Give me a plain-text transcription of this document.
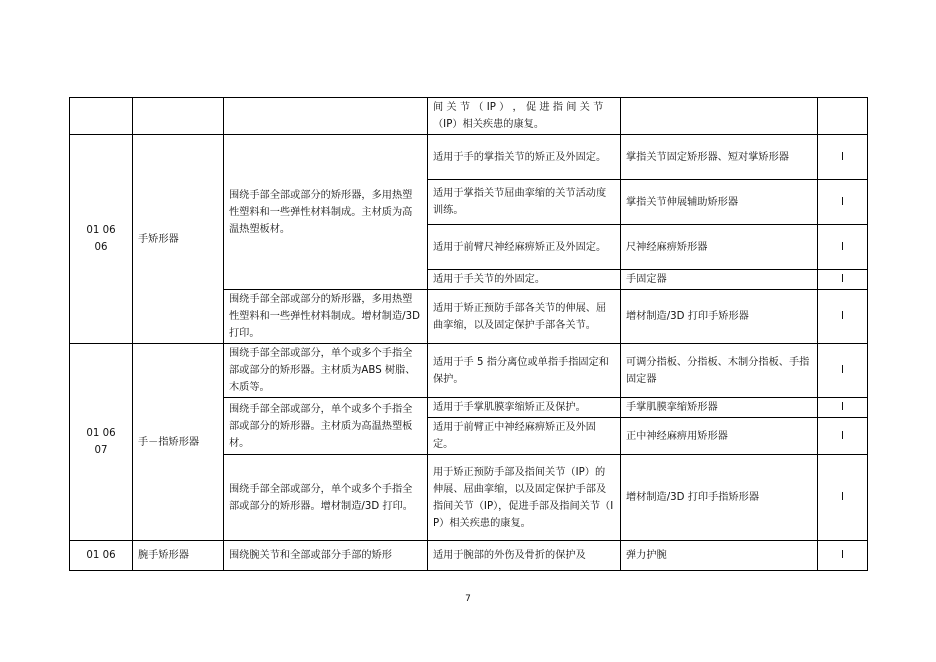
			间 关 节 （ IP ） ， 促 进 指 间 关 节
（IP）相关疾患的康复。		
01 06
06	手矫形器	围绕手部全部或部分的矫形器，多用热塑性塑料和一些弹性材料制成。主材质为高温热塑板材。	适用于手的掌指关节的矫正及外固定。	掌指关节固定矫形器、短对掌矫形器	I
			适用于掌指关节屈曲挛缩的关节活动度训练。	掌指关节伸展辅助矫形器	I
			适用于前臂尺神经麻痹矫正及外固定。	尺神经麻痹矫形器	I
			适用于手关节的外固定。	手固定器	I
		围绕手部全部或部分的矫形器，多用热塑性塑料和一些弹性材料制成。增材制造/3D 打印。	适用于矫正预防手部各关节的伸展、屈曲挛缩，以及固定保护手部各关节。	增材制造/3D 打印手矫形器	I
01 06
07	手－指矫形器	围绕手部全部或部分，单个或多个手指全部或部分的矫形器。主材质为ABS 树脂、木质等。	适用于手 5 指分离位或单指手指固定和保护。	可调分指板、分指板、木制分指板、手指固定器	I
		围绕手部全部或部分，单个或多个手指全部或部分的矫形器。主材质为高温热塑板材。	适用于手掌肌膜挛缩矫正及保护。	手掌肌膜挛缩矫形器	I
			适用于前臂正中神经麻痹矫正及外固定。	正中神经麻痹用矫形器	I
		围绕手部全部或部分，单个或多个手指全部或部分的矫形器。增材制造/3D 打印。	用于矫正预防手部及指间关节（IP）的伸展、屈曲挛缩，以及固定保护手部及指间关节（IP），促进手部及指间关节（IP）相关疾患的康复。	增材制造/3D 打印手指矫形器	I
01 06	腕手矫形器	围绕腕关节和全部或部分手部的矫形	适用于腕部的外伤及骨折的保护及	弹力护腕	I
7
